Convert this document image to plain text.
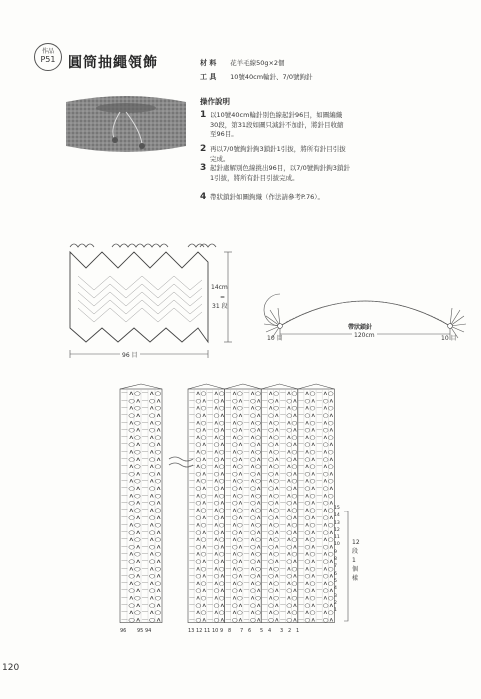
作品
P51 圓筒抽繩領飾	材 料 花羊毛線50g×2個
工 具 10號40cm輪針、7/0號鉤針
操作說明
1 以10號40cm輪針別色線起針96目，如圖編織30段，第31段如圖只減針不加針，將針目收縮至96目。
2 再以7/0號鉤針鉤3鎖針1引拔，將所有針目引拔完成。
3 起針處解別色線挑出96目，以7/0號鉤針鉤3鎖針1引拔，將所有針目引拔完成。
4 帶狀鎖針如圖鉤織（作法請參考P.76）。
14cm
=
31 段
96 目
10 目	10 目
帶狀鎖針
120cm
－∧○－∧○
－○∧－○∧
－∧○－∧○
－○∧－○∧
－∧○－∧○
－○∧－○∧
－∧○－∧○
－○∧－○∧
－∧○－∧○
－○∧－○∧
－∧○－∧○
－○∧－○∧
－∧○－∧○
－○∧－○∧
－∧○－∧○
－○∧－○∧
－∧○－∧○
－○∧－○∧
－∧○－∧○
－○∧－○∧
－∧○－∧○
－○∧－○∧
－∧○－∧○
－○∧－○∧
－∧○－∧○
－○∧－○∧
－∧○－∧○
－○∧－○∧
－∧○－∧○
－○∧－○∧
－∧○－∧○
－○∧－○∧
－∧○－∧○－∧○－∧○－∧○－∧○－∧○－∧○
－○∧－○∧－○∧－○∧－○∧－○∧－○∧－○∧
－∧○－∧○－∧○－∧○－∧○－∧○－∧○－∧○
－○∧－○∧－○∧－○∧－○∧－○∧－○∧－○∧
－∧○－∧○－∧○－∧○－∧○－∧○－∧○－∧○
－○∧－○∧－○∧－○∧－○∧－○∧－○∧－○∧
－∧○－∧○－∧○－∧○－∧○－∧○－∧○－∧○
－○∧－○∧－○∧－○∧－○∧－○∧－○∧－○∧
－∧○－∧○－∧○－∧○－∧○－∧○－∧○－∧○
－○∧－○∧－○∧－○∧－○∧－○∧－○∧－○∧
－∧○－∧○－∧○－∧○－∧○－∧○－∧○－∧○
－○∧－○∧－○∧－○∧－○∧－○∧－○∧－○∧
－∧○－∧○－∧○－∧○－∧○－∧○－∧○－∧○
－○∧－○∧－○∧－○∧－○∧－○∧－○∧－○∧
－∧○－∧○－∧○－∧○－∧○－∧○－∧○－∧○
－○∧－○∧－○∧－○∧－○∧－○∧－○∧－○∧
－∧○－∧○－∧○－∧○－∧○－∧○－∧○－∧○
－○∧－○∧－○∧－○∧－○∧－○∧－○∧－○∧
－∧○－∧○－∧○－∧○－∧○－∧○－∧○－∧○
－○∧－○∧－○∧－○∧－○∧－○∧－○∧－○∧
－∧○－∧○－∧○－∧○－∧○－∧○－∧○－∧○
－○∧－○∧－○∧－○∧－○∧－○∧－○∧－○∧
－∧○－∧○－∧○－∧○－∧○－∧○－∧○－∧○
－○∧－○∧－○∧－○∧－○∧－○∧－○∧－○∧
－∧○－∧○－∧○－∧○－∧○－∧○－∧○－∧○
－○∧－○∧－○∧－○∧－○∧－○∧－○∧－○∧
－∧○－∧○－∧○－∧○－∧○－∧○－∧○－∧○
－○∧－○∧－○∧－○∧－○∧－○∧－○∧－○∧
－∧○－∧○－∧○－∧○－∧○－∧○－∧○－∧○
－○∧－○∧－○∧－○∧－○∧－○∧－○∧－○∧
－∧○－∧○－∧○－∧○－∧○－∧○－∧○－∧○
－○∧－○∧－○∧－○∧－○∧－○∧－○∧－○∧
15
14
13
12
11
10
9
8
7
6
5
4
3
2
1
12 段 1 個 樣
96 95 94	13 12 11 10 9 8 7 6 5 4 3 2 1
120
